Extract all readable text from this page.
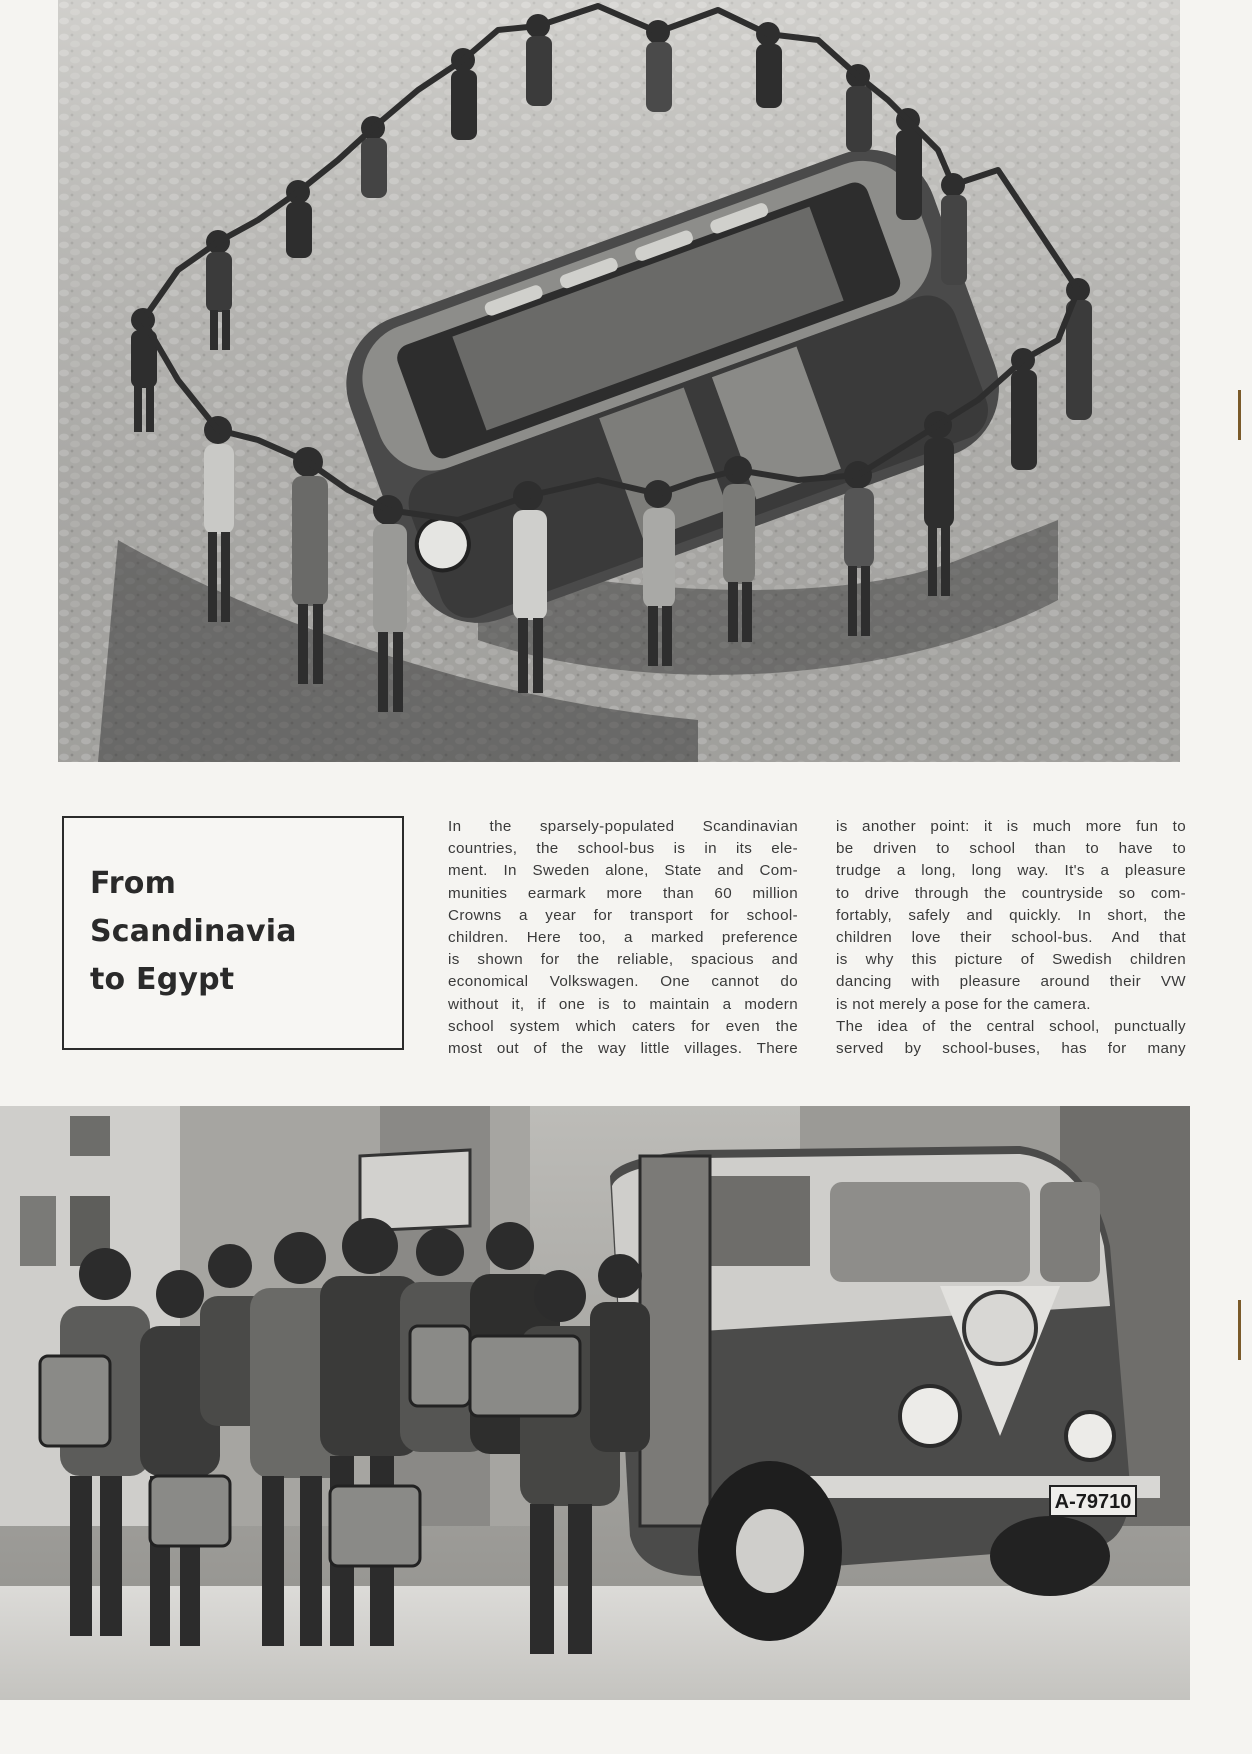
From
Scandinavia
to Egypt

In the sparsely-populated Scandinavian

countries, the school-bus is in its ele-

ment. In Sweden alone, State and Com-

munities earmark more than 60 million

Crowns a year for transport for school-

children. Here too, a marked preference

is shown for the reliable, spacious and

economical Volkswagen. One cannot do

without it, if one is to maintain a modern

school system which caters for even the

most out of the way little villages. There

is another point: it is much more fun to

be driven to school than to have to

trudge a long, long way. It's a pleasure

to drive through the countryside so com-

fortably, safely and quickly. In short, the

children love their school-bus. And that

is why this picture of Swedish children

dancing with pleasure around their VW

is not merely a pose for the camera.

The idea of the central school, punctually

served by school-buses, has for many

A-79710
